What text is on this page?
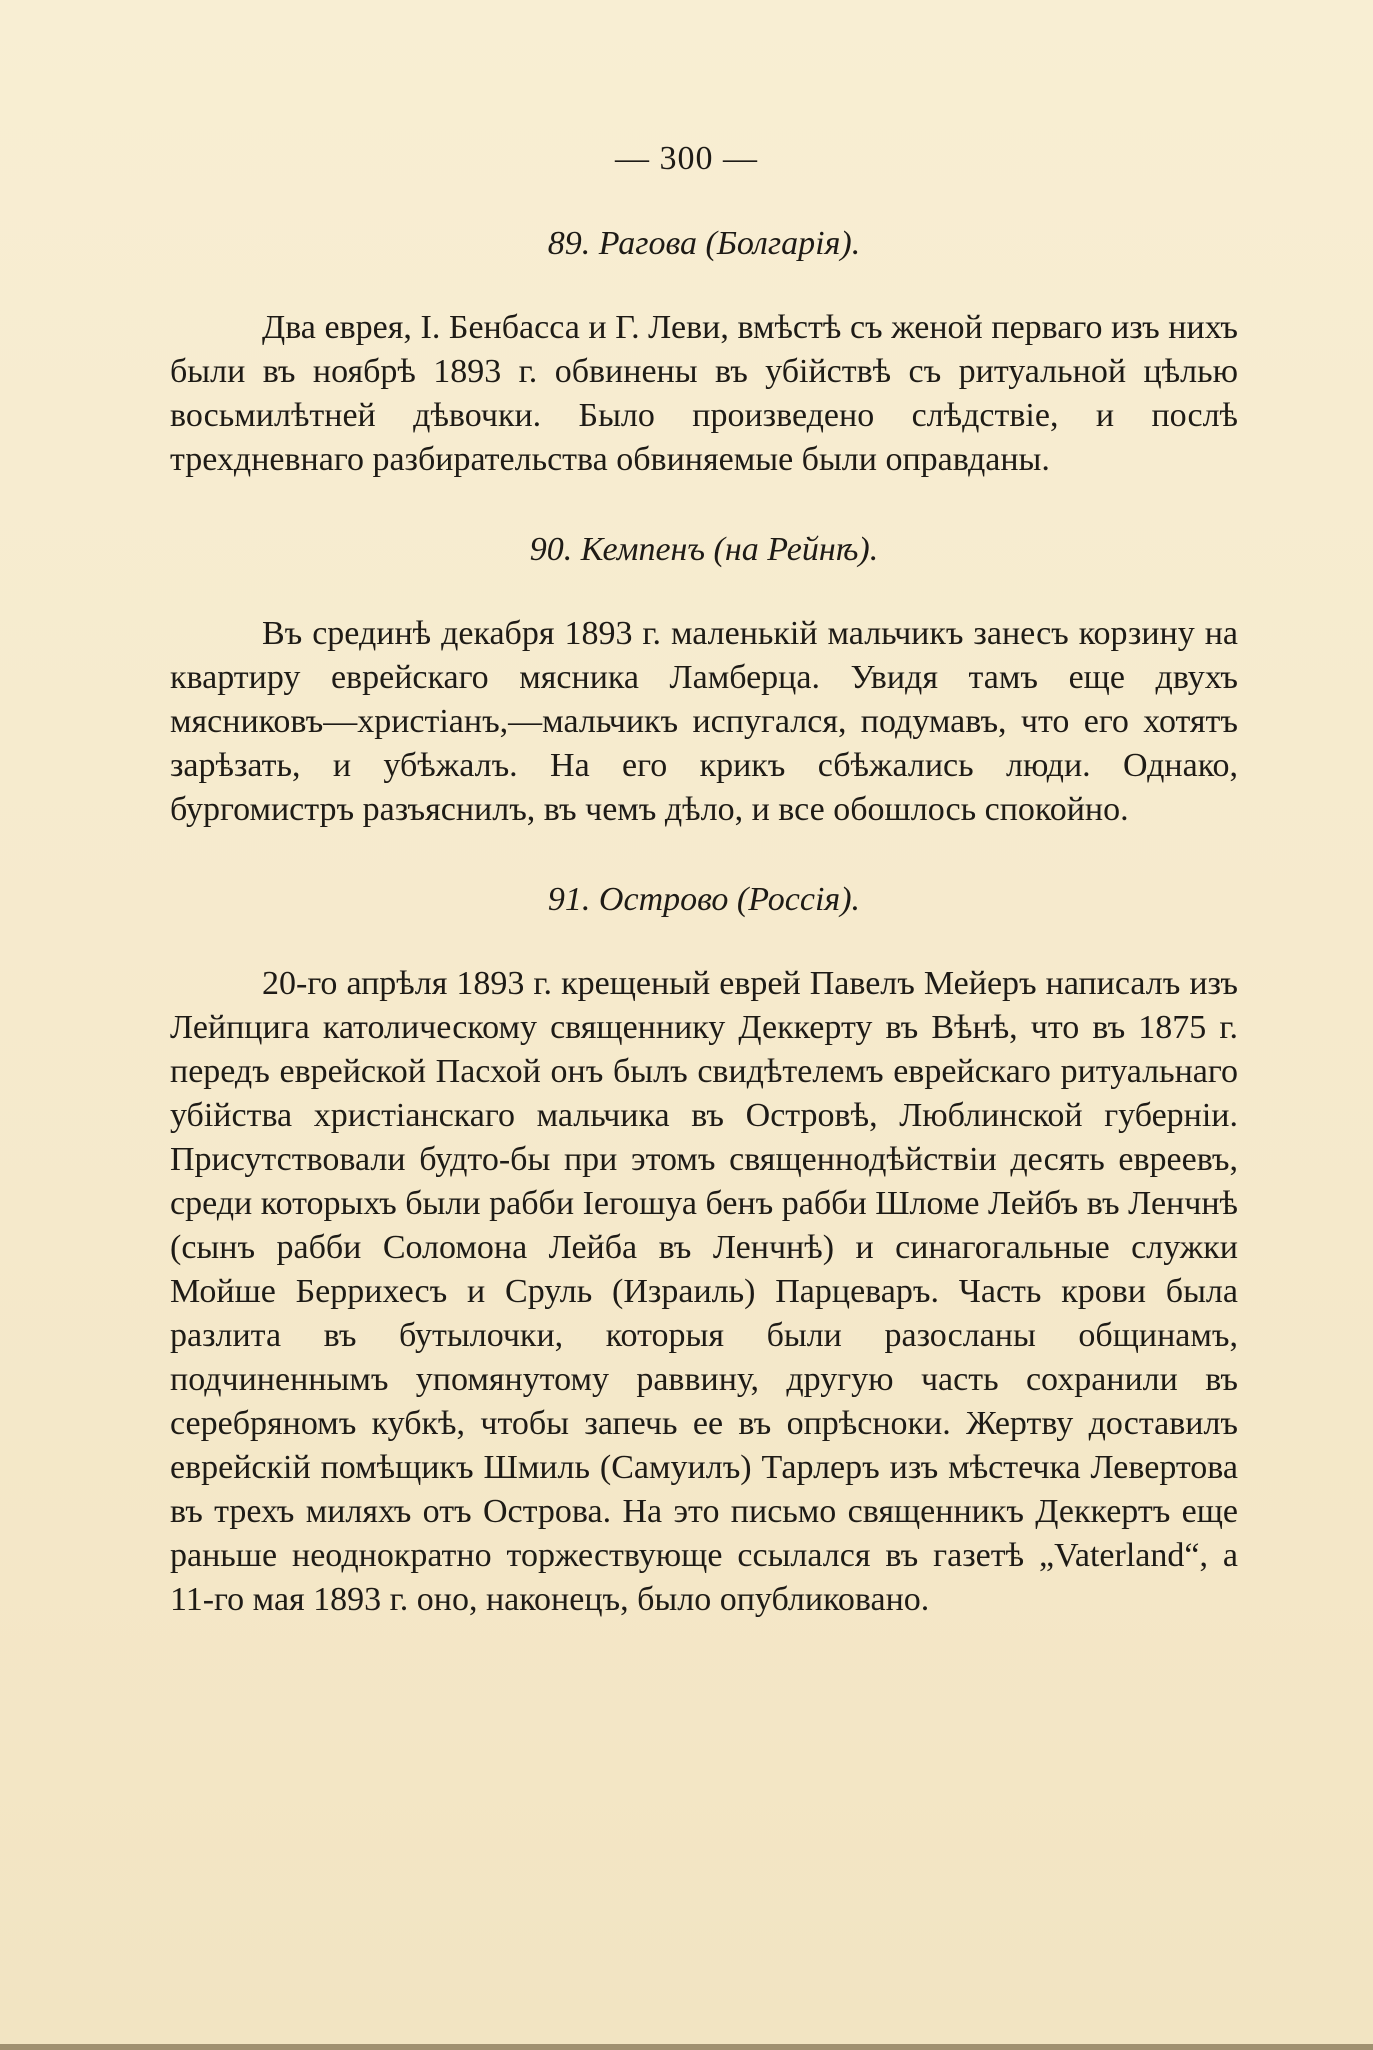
— 300 —
89. Рагова (Болгарія).

Два еврея, І. Бенбасса и Г. Леви, вмѣстѣ съ женой перваго изъ нихъ были въ ноябрѣ 1893 г. обвинены въ убійствѣ съ ритуальной цѣлью восьмилѣтней дѣвочки. Было произведено слѣдствіе, и послѣ трехдневнаго разбирательства обвиняемые были оправданы.

90. Кемпенъ (на Рейнѣ).

Въ срединѣ декабря 1893 г. маленькій мальчикъ занесъ корзину на квартиру еврейскаго мясника Ламберца. Увидя тамъ еще двухъ мясниковъ—христіанъ,—мальчикъ испугался, подумавъ, что его хотятъ зарѣзать, и убѣжалъ. На его крикъ сбѣжались люди. Однако, бургомистръ разъяснилъ, въ чемъ дѣло, и все обошлось спокойно.

91. Острово (Россія).

20-го апрѣля 1893 г. крещеный еврей Павелъ Мейеръ написалъ изъ Лейпцига католическому священнику Деккерту въ Вѣнѣ, что въ 1875 г. передъ еврейской Пасхой онъ былъ свидѣтелемъ еврейскаго ритуальнаго убійства христіанскаго мальчика въ Островѣ, Люблинской губерніи. Присутствовали будто-бы при этомъ священнодѣйствіи десять евреевъ, среди которыхъ были рабби Іегошуа бенъ рабби Шломе Лейбъ въ Ленчнѣ (сынъ рабби Соломона Лейба въ Ленчнѣ) и синагогальные служки Мойше Беррихесъ и Сруль (Израиль) Парцеваръ. Часть крови была разлита въ бутылочки, которыя были разосланы общинамъ, подчиненнымъ упомянутому раввину, другую часть сохранили въ серебряномъ кубкѣ, чтобы запечь ее въ опрѣсноки. Жертву доставилъ еврейскій помѣщикъ Шмиль (Самуилъ) Тарлеръ изъ мѣстечка Левертова въ трехъ миляхъ отъ Острова. На это письмо священникъ Деккертъ еще раньше неоднократно торжествующе ссылался въ газетѣ „Vaterland“, а 11-го мая 1893 г. оно, наконецъ, было опубликовано.
